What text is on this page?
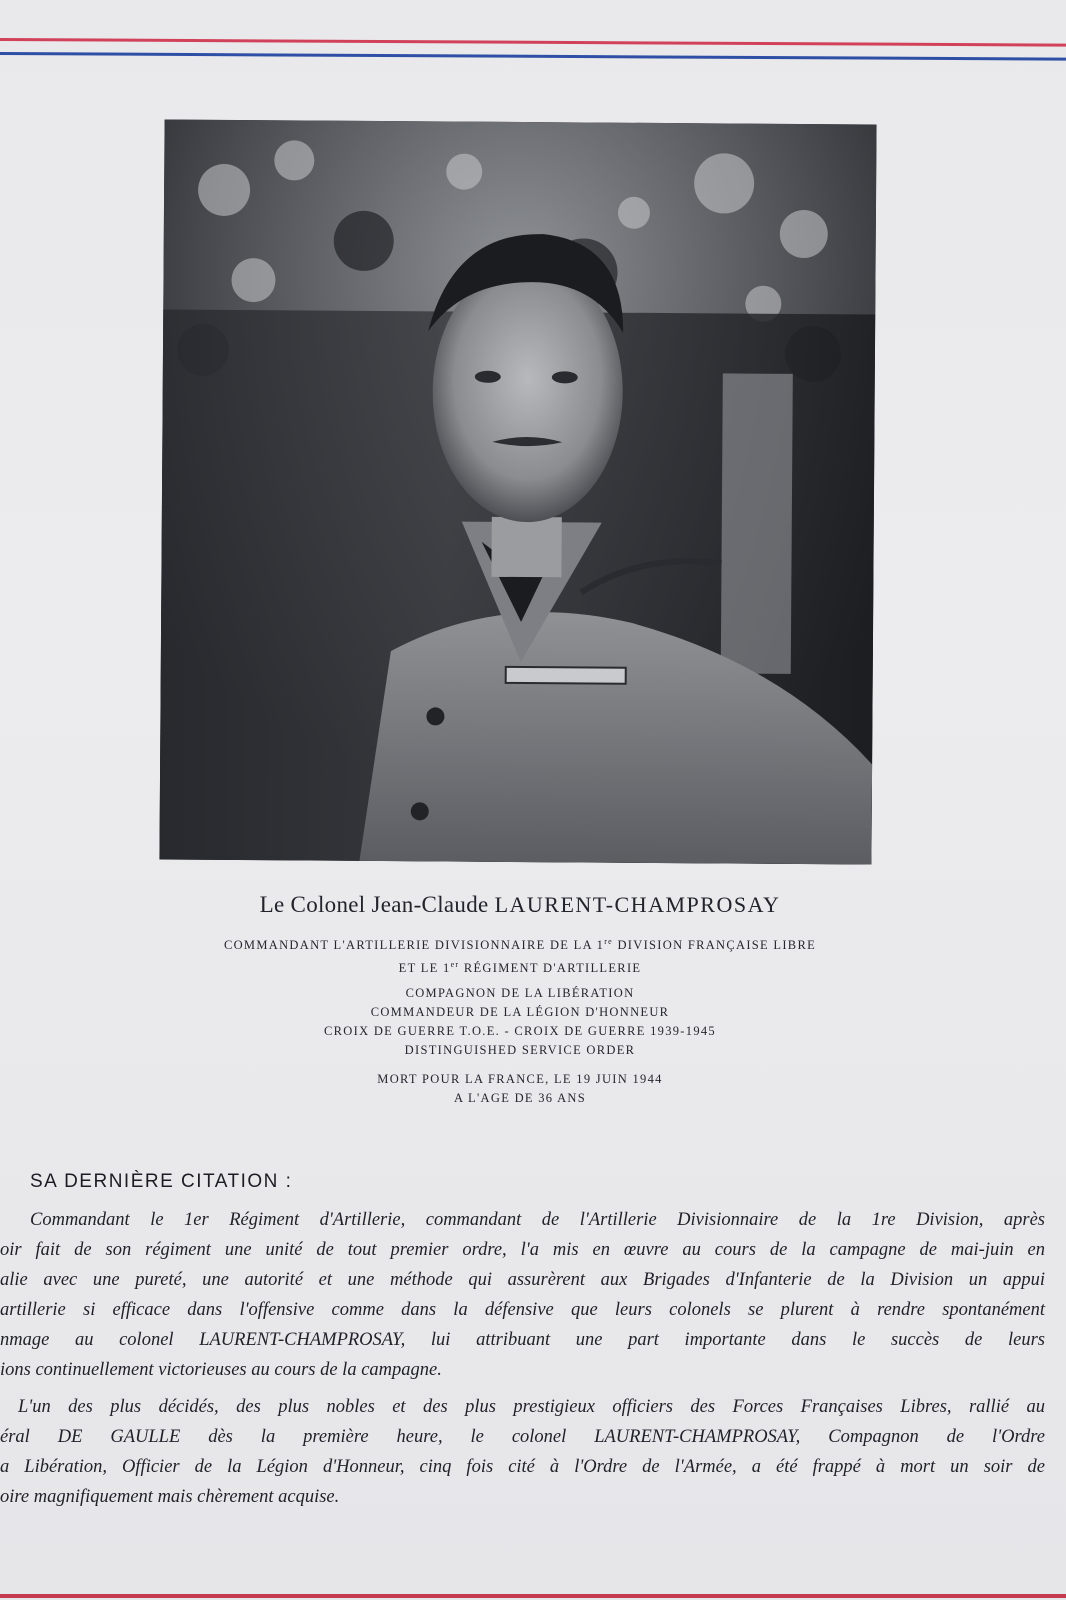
Le Colonel Jean-Claude LAURENT-CHAMPROSAY
COMMANDANT L'ARTILLERIE DIVISIONNAIRE DE LA 1re DIVISION FRANÇAISE LIBRE
ET LE 1er RÉGIMENT D'ARTILLERIE
COMPAGNON DE LA LIBÉRATION
COMMANDEUR DE LA LÉGION D'HONNEUR
CROIX DE GUERRE T.O.E. - CROIX DE GUERRE 1939-1945
DISTINGUISHED SERVICE ORDER
MORT POUR LA FRANCE, LE 19 JUIN 1944
A L'AGE DE 36 ANS
SA DERNIÈRE CITATION :
Commandant le 1er Régiment d'Artillerie, commandant de l'Artillerie Divisionnaire de la 1re Division, après
oir fait de son régiment une unité de tout premier ordre, l'a mis en œuvre au cours de la campagne de mai-juin en
alie avec une pureté, une autorité et une méthode qui assurèrent aux Brigades d'Infanterie de la Division un appui
artillerie si efficace dans l'offensive comme dans la défensive que leurs colonels se plurent à rendre spontanément
nmage au colonel LAURENT-CHAMPROSAY, lui attribuant une part importante dans le succès de leurs
ions continuellement victorieuses au cours de la campagne.
L'un des plus décidés, des plus nobles et des plus prestigieux officiers des Forces Françaises Libres, rallié au
éral DE GAULLE dès la première heure, le colonel LAURENT-CHAMPROSAY, Compagnon de l'Ordre
a Libération, Officier de la Légion d'Honneur, cinq fois cité à l'Ordre de l'Armée, a été frappé à mort un soir de
oire magnifiquement mais chèrement acquise.
